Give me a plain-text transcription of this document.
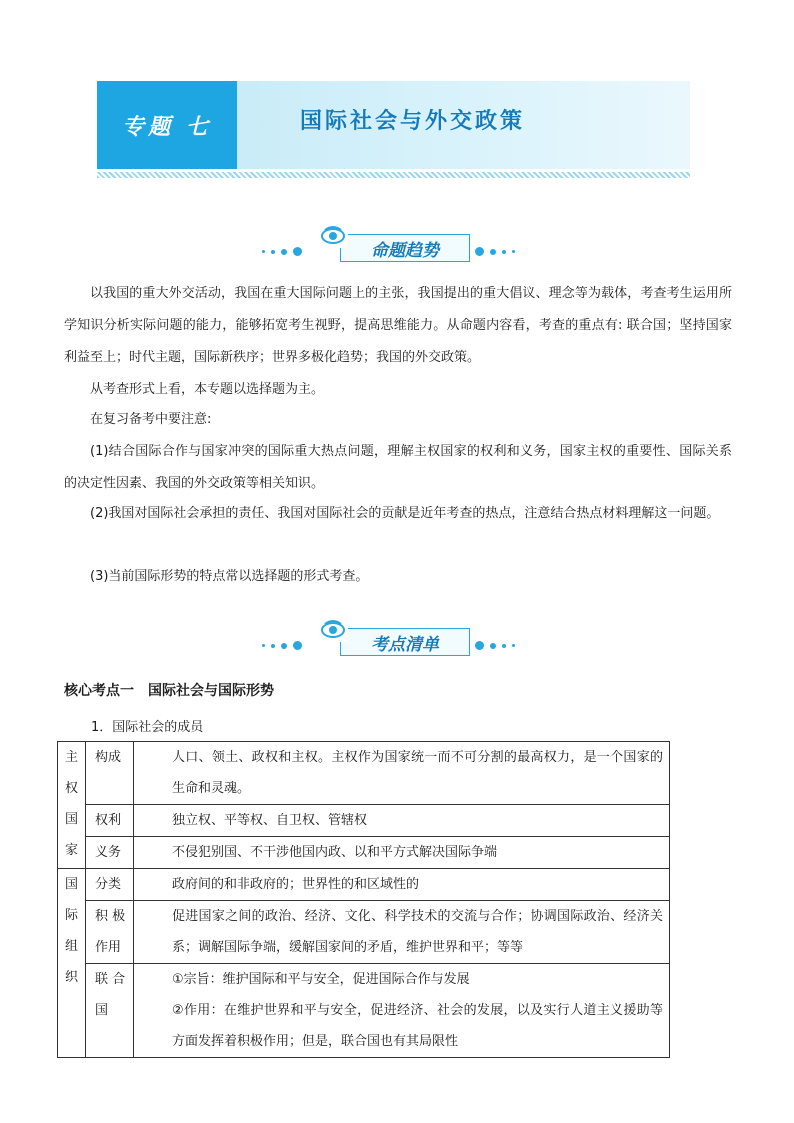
专题 七	国际社会与外交政策
命题趋势
以我国的重大外交活动，我国在重大国际问题上的主张，我国提出的重大倡议、理念等为载体，考查考生运用所学知识分析实际问题的能力，能够拓宽考生视野，提高思维能力。从命题内容看，考查的重点有: 联合国；坚持国家利益至上；时代主题，国际新秩序；世界多极化趋势；我国的外交政策。
从考查形式上看，本专题以选择题为主。
在复习备考中要注意:
(1)结合国际合作与国家冲突的国际重大热点问题，理解主权国家的权利和义务，国家主权的重要性、国际关系的决定性因素、我国的外交政策等相关知识。
(2)我国对国际社会承担的责任、我国对国际社会的贡献是近年考查的热点，注意结合热点材料理解这一问题。
(3)当前国际形势的特点常以选择题的形式考查。
考点清单
核心考点一　国际社会与国际形势
1．国际社会的成员
主
权
国
家	构成	人口、领土、政权和主权。主权作为国家统一而不可分割的最高权力，是一个国家的生命和灵魂。

	权利	独立权、平等权、自卫权、管辖权
	义务	不侵犯别国、不干涉他国内政、以和平方式解决国际争端

国
际
组
织	分类	政府间的和非政府的；世界性的和区域性的
	积 极作用	促进国家之间的政治、经济、文化、科学技术的交流与合作；协调国际政治、经济关系；调解国际争端，缓解国家间的矛盾，维护世界和平；等等
	联 合国	①宗旨：维护国际和平与安全，促进国际合作与发展
②作用：在维护世界和平与安全，促进经济、社会的发展，以及实行人道主义援助等方面发挥着积极作用；但是，联合国也有其局限性
